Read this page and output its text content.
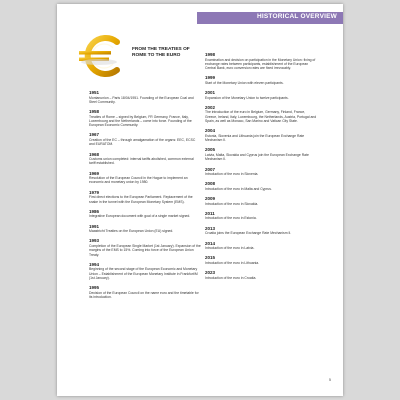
HISTORICAL OVERVIEW
FROM THE TREATIES OF ROME TO THE EURO
1951
Montanunion – Paris 18/04/1951. Founding of the European Coal and Steel Community.
1958
Treaties of Rome – signed by Belgium, FR Germany, France, Italy, Luxembourg and the Netherlands – come into force. Founding of the European Economic Community.
1967
Creation of the EC – through amalgamation of the organs: EEC, ECSC and EURATOM.
1968
Customs union completed: internal tariffs abolished, common external tariff established.
1969
Resolution of the European Council in the Hague to implement an economic and monetary union by 1980.
1979
First direct elections to the European Parliament. Replacement of the snake in the tunnel with the European Monetary System (EMS).
1986
Integrative European document with goal of a single market signed.
1991
Maastricht Treaties on the European Union (EU) signed.
1993
Completion of the European Single Market (1st January). Expansion of the margins of the EMS to 15%. Coming into force of the European Union Treaty.
1994
Beginning of the second stage of the European Economic and Monetary Union – Establishment of the European Monetary Institute in Frankfurt/M (1st January).
1995
Decision of the European Council on the name euro and the timetable for its introduction.
1998
Examination and decision on participation in the Monetary Union: fixing of exchange rates between participants, establishment of the European Central Bank, euro conversion rates are fixed irrevocably.
1999
Start of the Monetary Union with eleven participants.
2001
Expansion of the Monetary Union to twelve participants.
2002
The introduction of the euro in Belgium, Germany, Finland, France, Greece, Ireland, Italy, Luxembourg, the Netherlands, Austria, Portugal and Spain, as well as Monaco, San Marino and Vatican City State.
2004
Estonia, Slovenia and Lithuania join the European Exchange Rate Mechanism II.
2005
Latvia, Malta, Slovakia and Cyprus join the European Exchange Rate Mechanism II.
2007
Introduction of the euro in Slovenia.
2008
Introduction of the euro in Malta and Cyprus.
2009
Introduction of the euro in Slovakia.
2011
Introduction of the euro in Estonia.
2013
Croatia joins the European Exchange Rate Mechanism II.
2014
Introduction of the euro in Latvia.
2015
Introduction of the euro in Lithuania.
2023
Introduction of the euro in Croatia.
5
